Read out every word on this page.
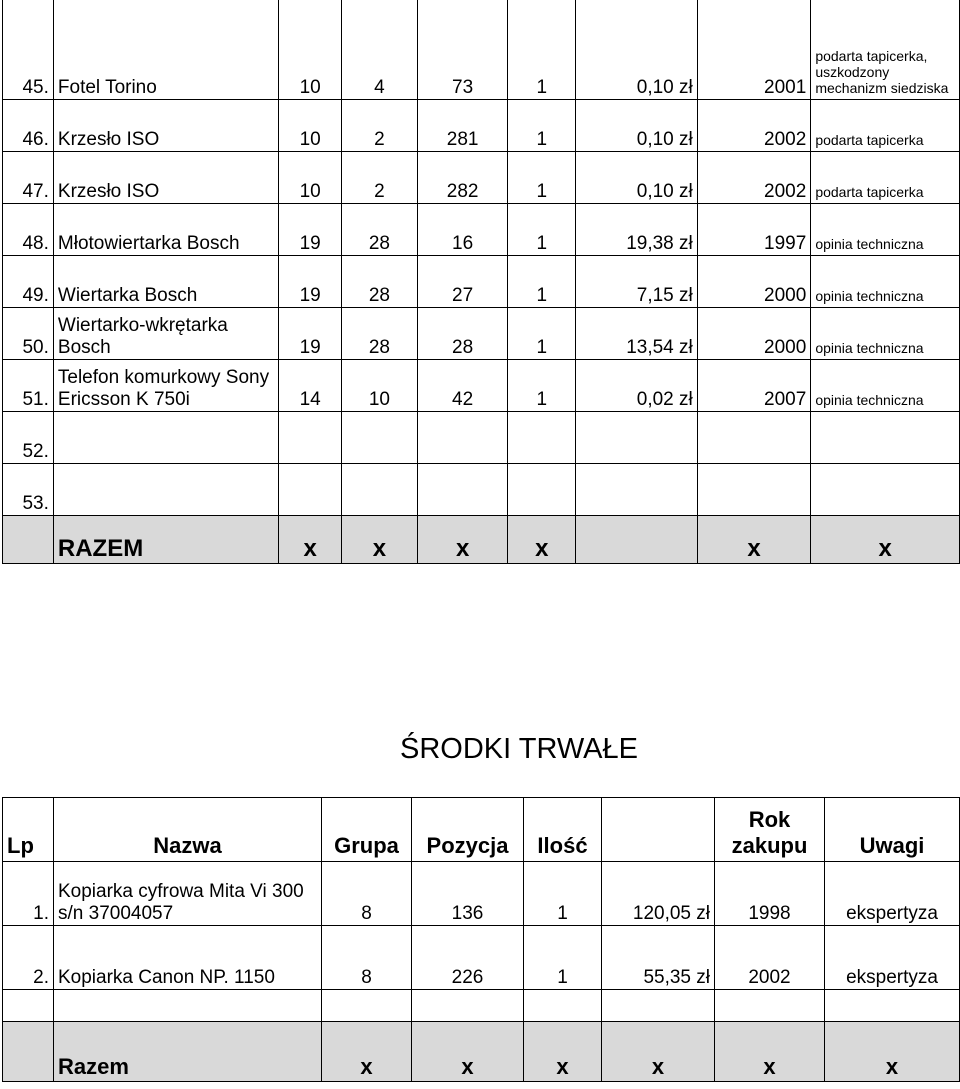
45.	Fotel Torino	10	4	73	1	0,10 zł	2001	podarta tapicerka, uszkodzony mechanizm siedziska
46.	Krzesło ISO	10	2	281	1	0,10 zł	2002	podarta tapicerka
47.	Krzesło ISO	10	2	282	1	0,10 zł	2002	podarta tapicerka
48.	Młotowiertarka Bosch	19	28	16	1	19,38 zł	1997	opinia techniczna
49.	Wiertarka Bosch	19	28	27	1	7,15 zł	2000	opinia techniczna
50.	Wiertarko-wkrętarka Bosch	19	28	28	1	13,54 zł	2000	opinia techniczna
51.	Telefon komurkowy Sony Ericsson K 750i	14	10	42	1	0,02 zł	2007	opinia techniczna
52.								
53.								
	RAZEM	x	x	x	x		x	x
ŚRODKI TRWAŁE
Lp	Nazwa	Grupa	Pozycja	Ilość		Rok zakupu	Uwagi
1.	Kopiarka cyfrowa Mita Vi 300 s/n 37004057	8	136	1	120,05 zł	1998	ekspertyza
2.	Kopiarka Canon NP. 1150	8	226	1	55,35 zł	2002	ekspertyza

	Razem	x	x	x	x	x	x
